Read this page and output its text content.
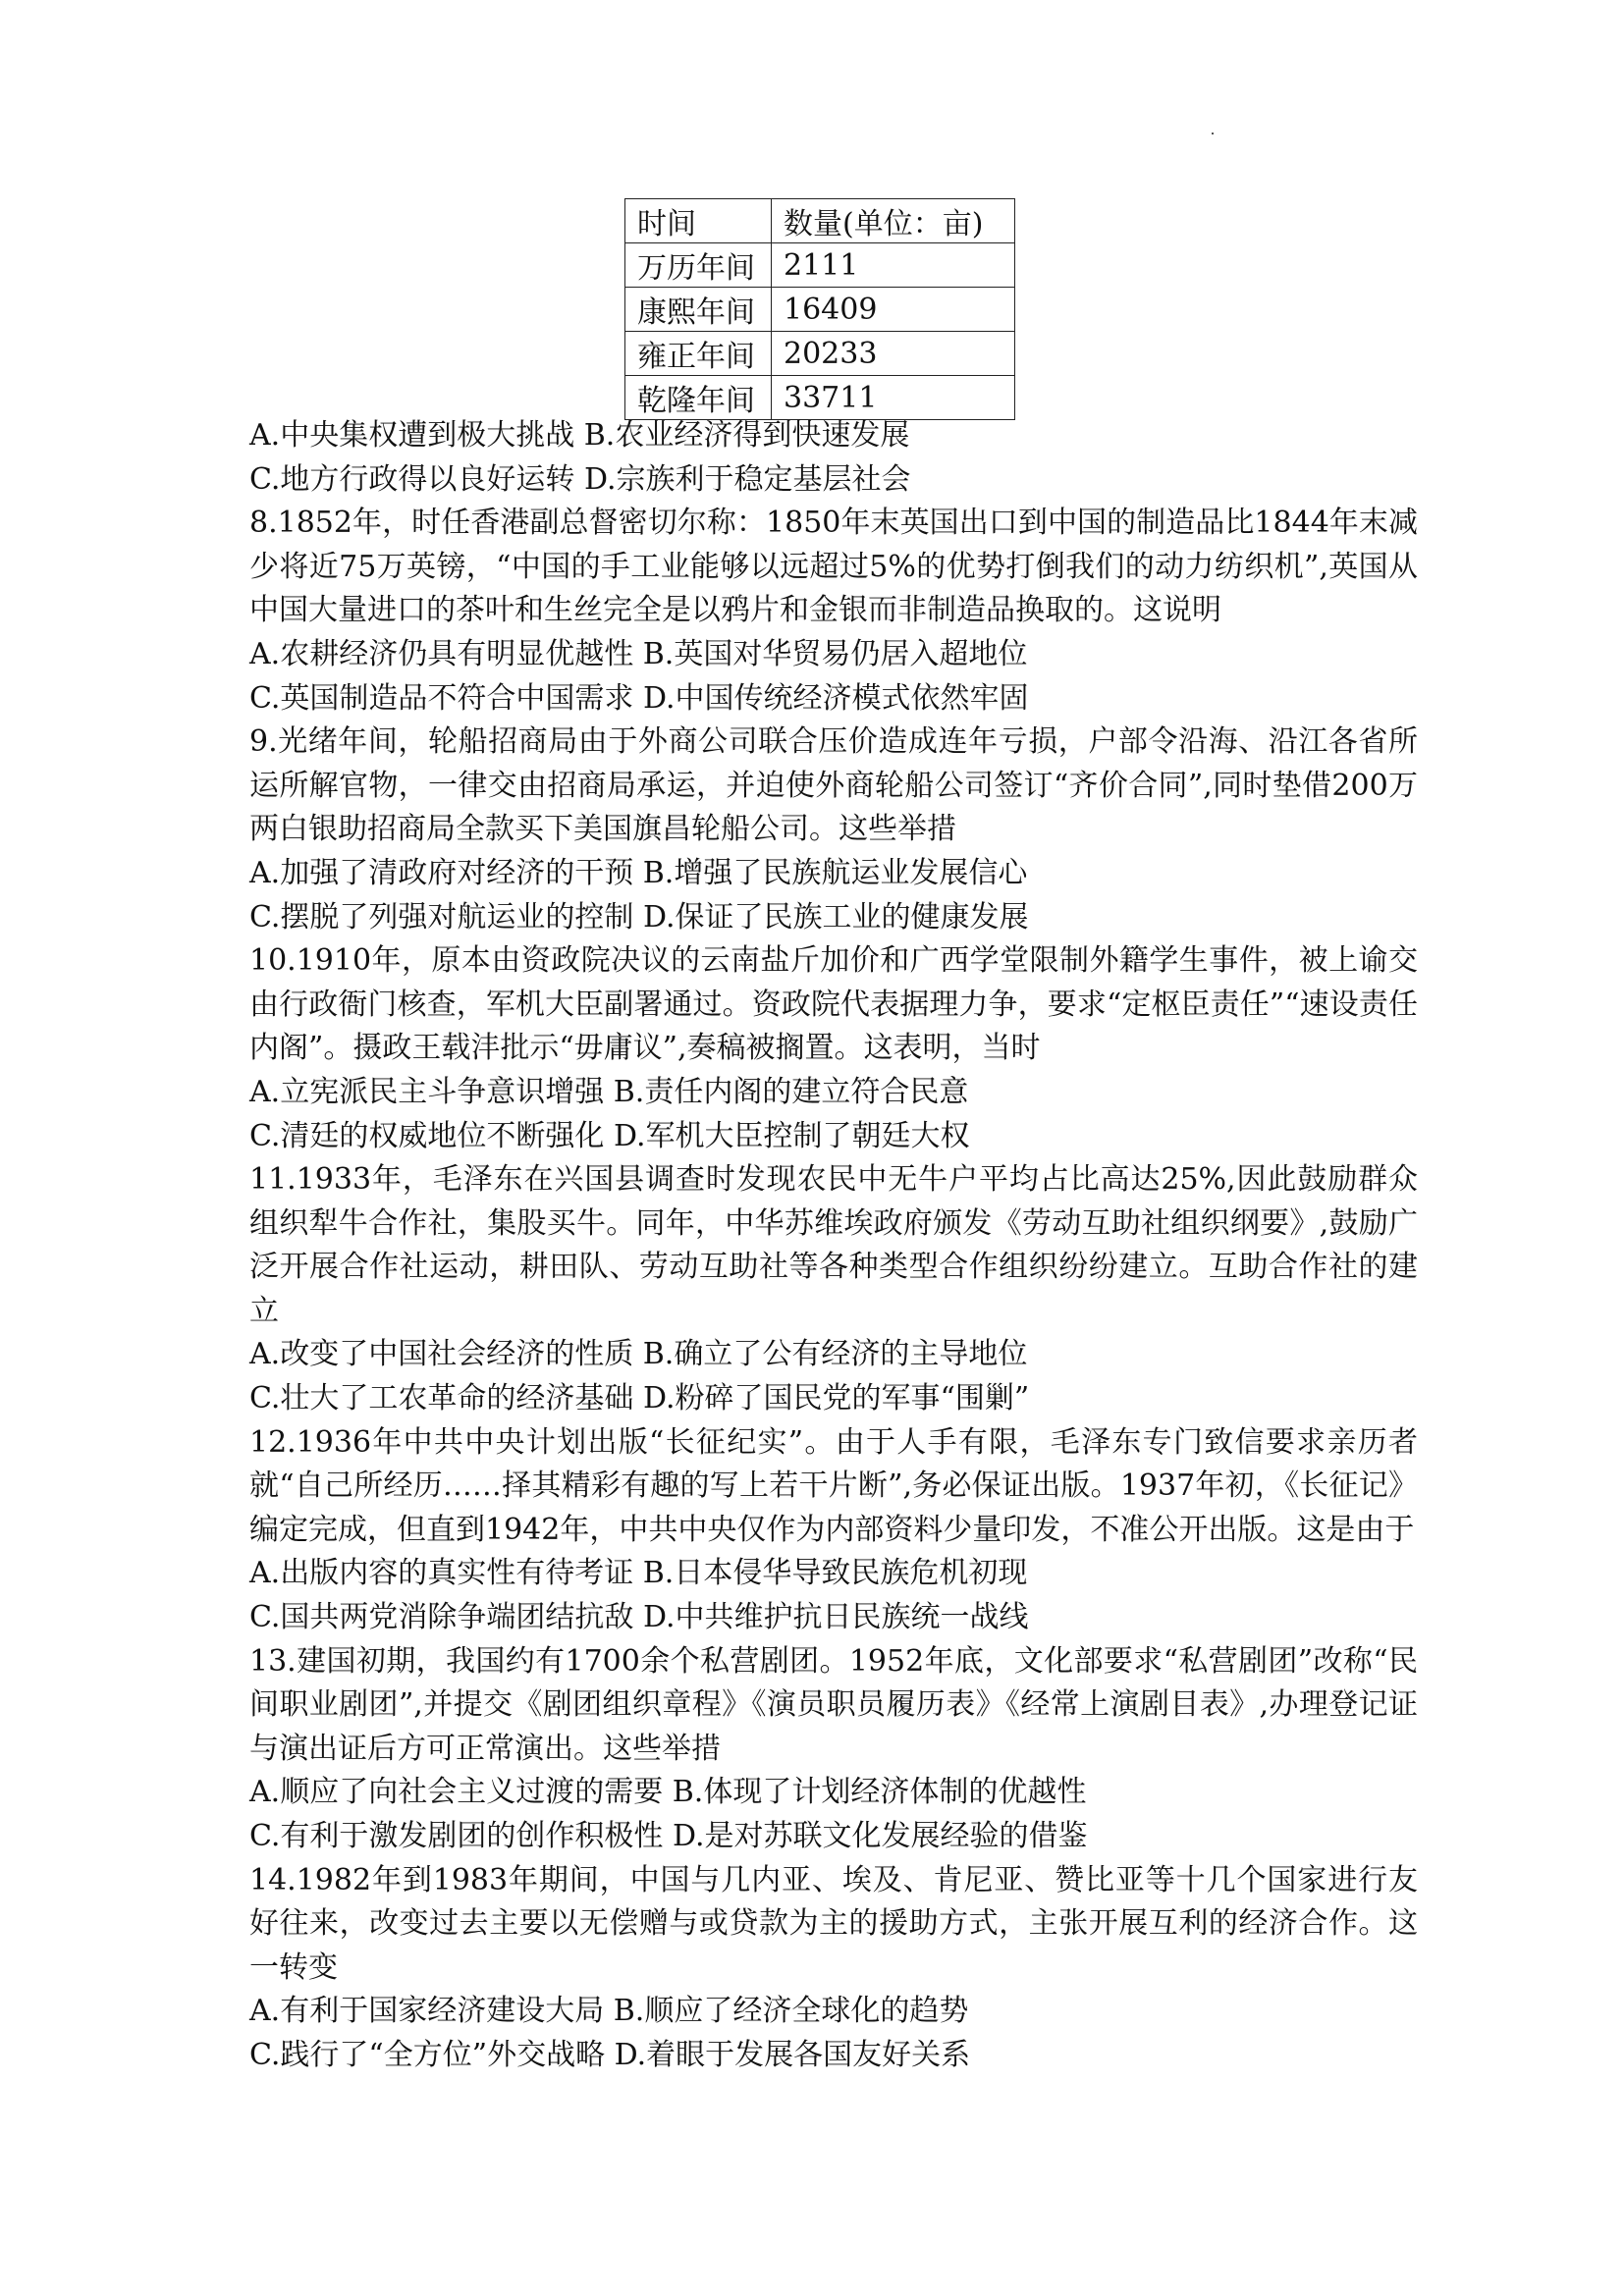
时间	数量(单位：亩)
万历年间	2111
康熙年间	16409
雍正年间	20233
乾隆年间	33711

A.中央集权遭到极大挑战 B.农业经济得到快速发展

C.地方行政得以良好运转 D.宗族利于稳定基层社会

8.1852年，时任香港副总督密切尔称：1850年末英国出口到中国的制造品比1844年末减少将近75万英镑，“中国的手工业能够以远超过5%的优势打倒我们的动力纺织机”,英国从中国大量进口的茶叶和生丝完全是以鸦片和金银而非制造品换取的。这说明

A.农耕经济仍具有明显优越性 B.英国对华贸易仍居入超地位

C.英国制造品不符合中国需求 D.中国传统经济模式依然牢固

9.光绪年间，轮船招商局由于外商公司联合压价造成连年亏损，户部令沿海、沿江各省所运所解官物，一律交由招商局承运，并迫使外商轮船公司签订“齐价合同”,同时垫借200万两白银助招商局全款买下美国旗昌轮船公司。这些举措

A.加强了清政府对经济的干预 B.增强了民族航运业发展信心

C.摆脱了列强对航运业的控制 D.保证了民族工业的健康发展

10.1910年，原本由资政院决议的云南盐斤加价和广西学堂限制外籍学生事件，被上谕交由行政衙门核查，军机大臣副署通过。资政院代表据理力争，要求“定枢臣责任”“速设责任内阁”。摄政王载沣批示“毋庸议”,奏稿被搁置。这表明，当时

A.立宪派民主斗争意识增强 B.责任内阁的建立符合民意

C.清廷的权威地位不断强化 D.军机大臣控制了朝廷大权

11.1933年，毛泽东在兴国县调查时发现农民中无牛户平均占比高达25%,因此鼓励群众组织犁牛合作社，集股买牛。同年，中华苏维埃政府颁发《劳动互助社组织纲要》,鼓励广泛开展合作社运动，耕田队、劳动互助社等各种类型合作组织纷纷建立。互助合作社的建立

A.改变了中国社会经济的性质 B.确立了公有经济的主导地位

C.壮大了工农革命的经济基础 D.粉碎了国民党的军事“围剿”

12.1936年中共中央计划出版“长征纪实”。由于人手有限，毛泽东专门致信要求亲历者就“自己所经历……择其精彩有趣的写上若干片断”,务必保证出版。1937年初，《长征记》编定完成，但直到1942年，中共中央仅作为内部资料少量印发，不准公开出版。这是由于

A.出版内容的真实性有待考证 B.日本侵华导致民族危机初现

C.国共两党消除争端团结抗敌 D.中共维护抗日民族统一战线

13.建国初期，我国约有1700余个私营剧团。1952年底，文化部要求“私营剧团”改称“民间职业剧团”,并提交《剧团组织章程》《演员职员履历表》《经常上演剧目表》,办理登记证与演出证后方可正常演出。这些举措

A.顺应了向社会主义过渡的需要 B.体现了计划经济体制的优越性

C.有利于激发剧团的创作积极性 D.是对苏联文化发展经验的借鉴

14.1982年到1983年期间，中国与几内亚、埃及、肯尼亚、赞比亚等十几个国家进行友好往来，改变过去主要以无偿赠与或贷款为主的援助方式，主张开展互利的经济合作。这一转变

A.有利于国家经济建设大局 B.顺应了经济全球化的趋势

C.践行了“全方位”外交战略 D.着眼于发展各国友好关系
